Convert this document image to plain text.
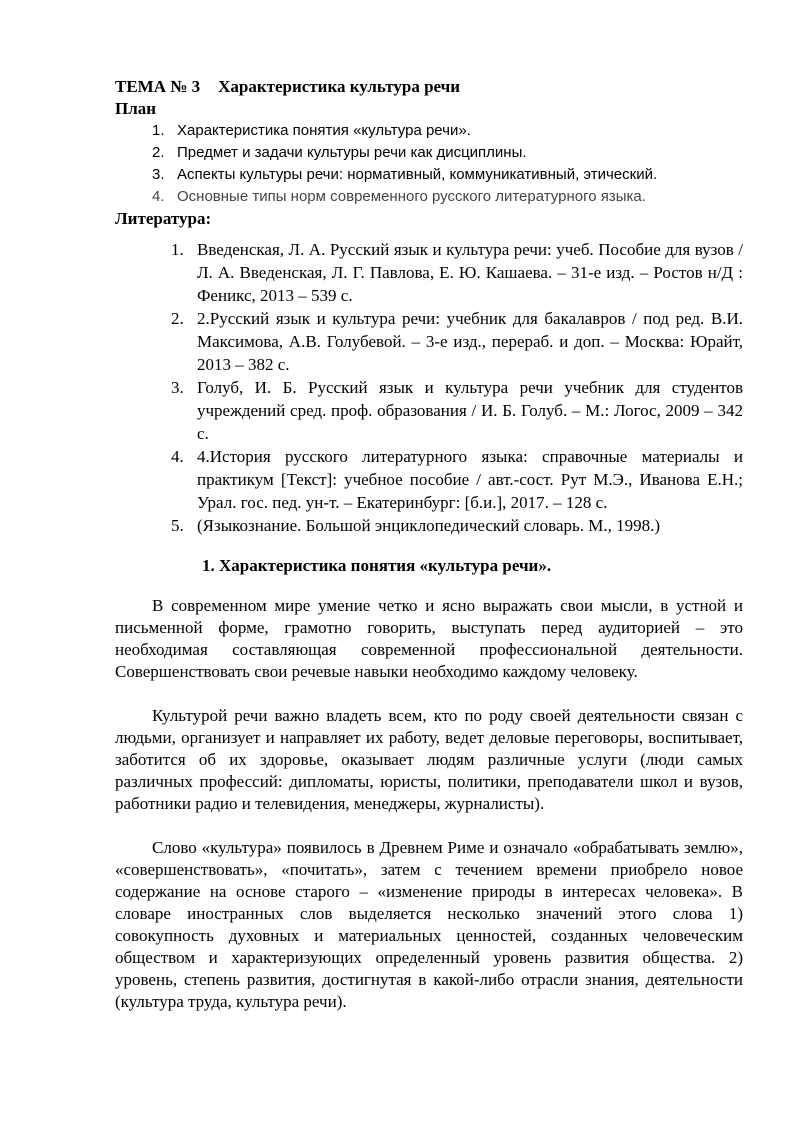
ТЕМА № 3 Характеристика культура речи
План
1. Характеристика понятия «культура речи».
2. Предмет и задачи культуры речи как дисциплины.
3. Аспекты культуры речи: нормативный, коммуникативный, этический.
4. Основные типы норм современного русского литературного языка.
Литература:
1. Введенская, Л. А. Русский язык и культура речи: учеб. Пособие для вузов / Л. А. Введенская, Л. Г. Павлова, Е. Ю. Кашаева. – 31-е изд. – Ростов н/Д : Феникс, 2013 – 539 с.
2. 2.Русский язык и культура речи: учебник для бакалавров / под ред. В.И. Максимова, А.В. Голубевой. – 3-е изд., перераб. и доп. – Москва: Юрайт, 2013 – 382 с.
3. Голуб, И. Б. Русский язык и культура речи учебник для студентов учреждений сред. проф. образования / И. Б. Голуб. – М.: Логос, 2009 – 342 с.
4. 4.История русского литературного языка: справочные материалы и практикум [Текст]: учебное пособие / авт.-сост. Рут М.Э., Иванова Е.Н.; Урал. гос. пед. ун-т. – Екатеринбург: [б.и.], 2017. – 128 с.
5. (Языкознание. Большой энциклопедический словарь. М., 1998.)
1. Характеристика понятия «культура речи».

В современном мире умение четко и ясно выражать свои мысли, в устной и письменной форме, грамотно говорить, выступать перед аудиторией – это необходимая составляющая современной профессиональной деятельности. Совершенствовать свои речевые навыки необходимо каждому человеку.

Культурой речи важно владеть всем, кто по роду своей деятельности связан с людьми, организует и направляет их работу, ведет деловые переговоры, воспитывает, заботится об их здоровье, оказывает людям различные услуги (люди самых различных профессий: дипломаты, юристы, политики, преподаватели школ и вузов, работники радио и телевидения, менеджеры, журналисты).

Слово «культура» появилось в Древнем Риме и означало «обрабатывать землю», «совершенствовать», «почитать», затем с течением времени приобрело новое содержание на основе старого – «изменение природы в интересах человека». В словаре иностранных слов выделяется несколько значений этого слова 1) совокупность духовных и материальных ценностей, созданных человеческим обществом и характеризующих определенный уровень развития общества. 2) уровень, степень развития, достигнутая в какой-либо отрасли знания, деятельности (культура труда, культура речи).
